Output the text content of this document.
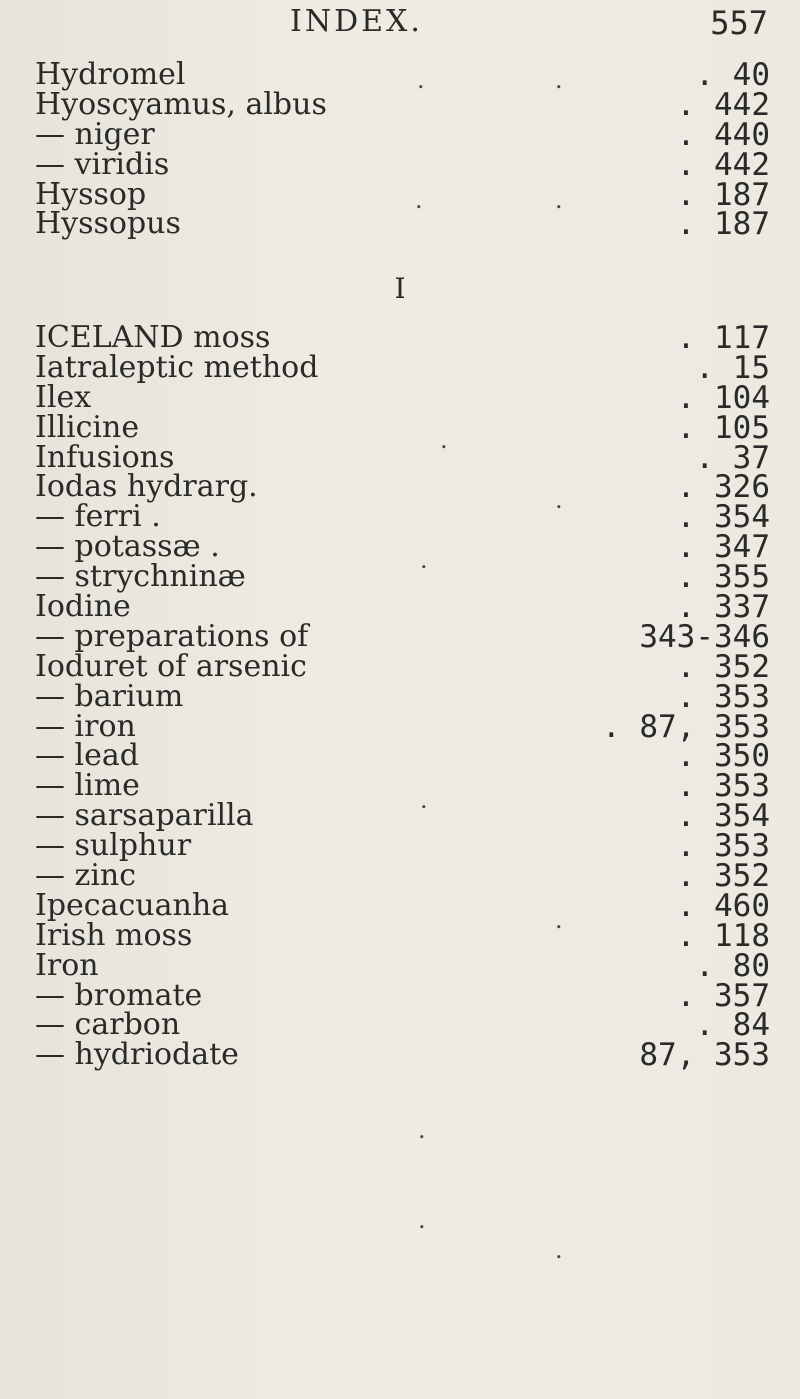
INDEX.	557
Hydromel	. 40
Hyoscyamus, albus	. 442
— niger	. 440
— viridis	. 442
Hyssop	. 187
Hyssopus	. 187
I
ICELAND moss	. 117
Iatraleptic method	. 15
Ilex	. 104
Illicine	. 105
Infusions	. 37
Iodas hydrarg.	. 326
— ferri .	. 354
— potassæ .	. 347
— strychninæ	. 355
Iodine	. 337
— preparations of	343-346
Ioduret of arsenic	. 352
— barium	. 353
— iron	. 87, 353
— lead	. 350
— lime	. 353
— sarsaparilla	. 354
— sulphur	. 353
— zinc	. 352
Ipecacuanha	. 460
Irish moss	. 118
Iron	. 80
— bromate	. 357
— carbon	. 84
— hydriodate	87, 353
.	.
.	.
.
.
.
.
.
.
.
.
